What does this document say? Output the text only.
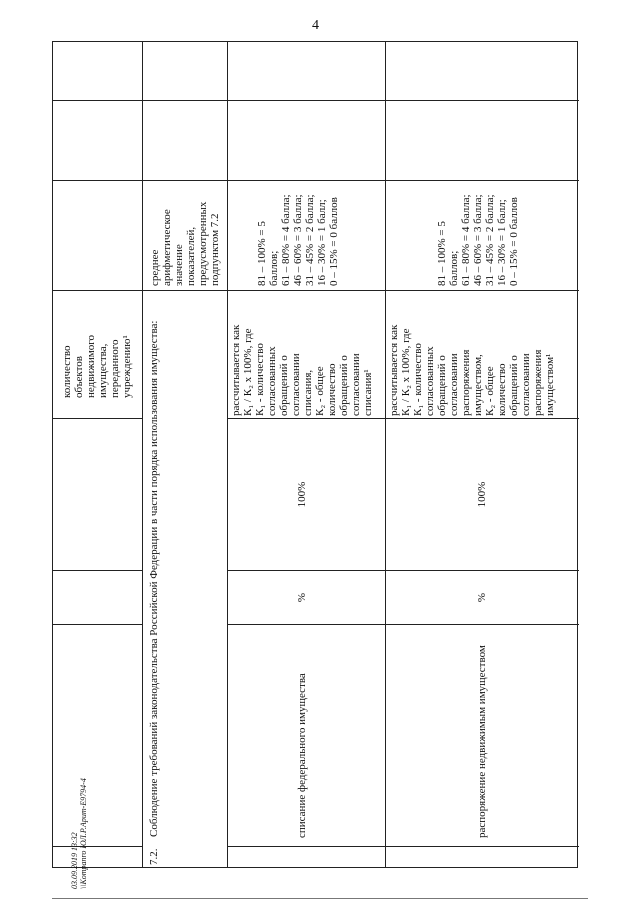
4
количество
объектов
недвижимого
имущества,
переданного
учреждению¹
7.2.
Соблюдение требований законодательства Российской Федерации в части порядка использования имущества:
среднее
арифметическое
значение
показателей,
предусмотренных
подпунктом 7.2
списание федерального имущества
%
100%
рассчитывается как
К₁ / К₂ х 100%, где
К₁ - количество
согласованных
обращений о
согласовании
списания,
К₂ - общее
количество
обращений о
согласовании
списания¹
81 – 100% = 5
баллов;
61 – 80% = 4 балла;
46 – 60% = 3 балла;
31 – 45% = 2 балла;
16 – 30% = 1 балл;
0 – 15% = 0 баллов
распоряжение недвижимым имуществом
%
100%
рассчитывается как
К₁ / К₂ х 100%, где
К₁ - количество
согласованных
обращений о
согласовании
распоряжения
имуществом,
К₂ - общее
количество
обращений о
согласовании
распоряжения
имуществом¹
81 – 100% = 5
баллов;
61 – 80% = 4 балла;
46 – 60% = 3 балла;
31 – 45% = 2 балла;
16 – 30% = 1 балл;
0 – 15% = 0 баллов
03.09.2019 13:32 \\Kompanro ЮЛ.Р.Арит-Е9794-4
